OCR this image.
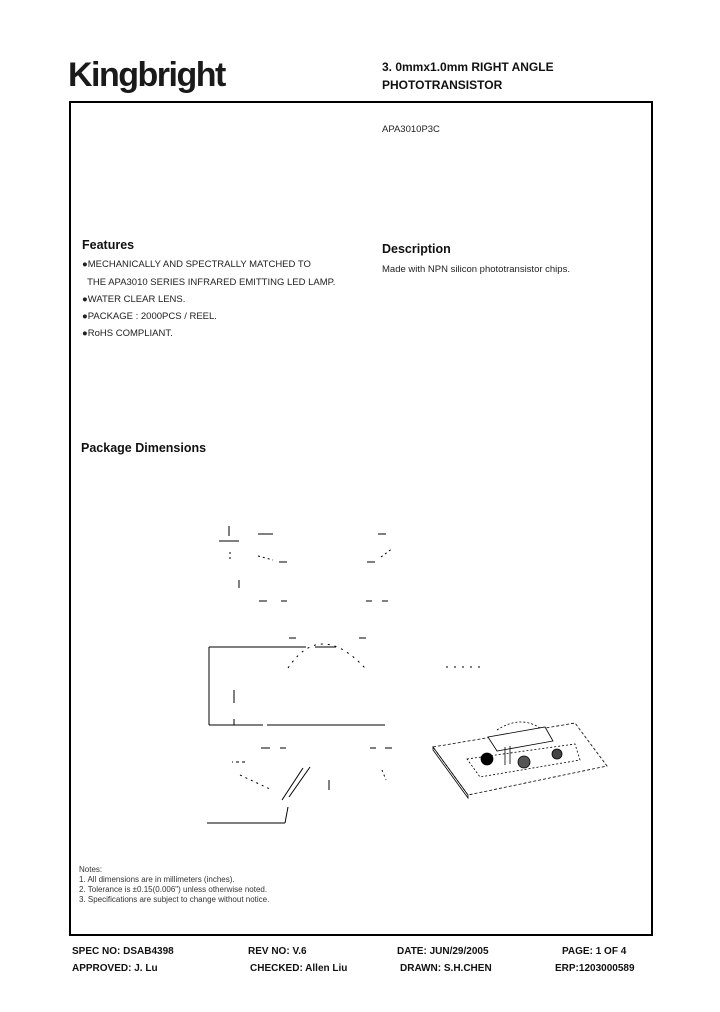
Kingbright	3. 0mmx1.0mm RIGHT ANGLE
PHOTOTRANSISTOR
APA3010P3C
Features
●MECHANICALLY AND SPECTRALLY MATCHED TO
THE APA3010 SERIES INFRARED EMITTING LED LAMP.
●WATER CLEAR LENS.
●PACKAGE : 2000PCS / REEL.
●RoHS COMPLIANT.
Description
Made with NPN silicon phototransistor chips.
Package Dimensions
Notes:
1. All dimensions are in millimeters (inches).
2. Tolerance is ±0.15(0.006") unless otherwise noted.
3. Specifications are subject to change without notice.
SPEC NO: DSAB4398	REV NO: V.6	DATE: JUN/29/2005	PAGE: 1 OF 4
APPROVED: J. Lu	CHECKED: Allen Liu	DRAWN: S.H.CHEN	ERP:1203000589
